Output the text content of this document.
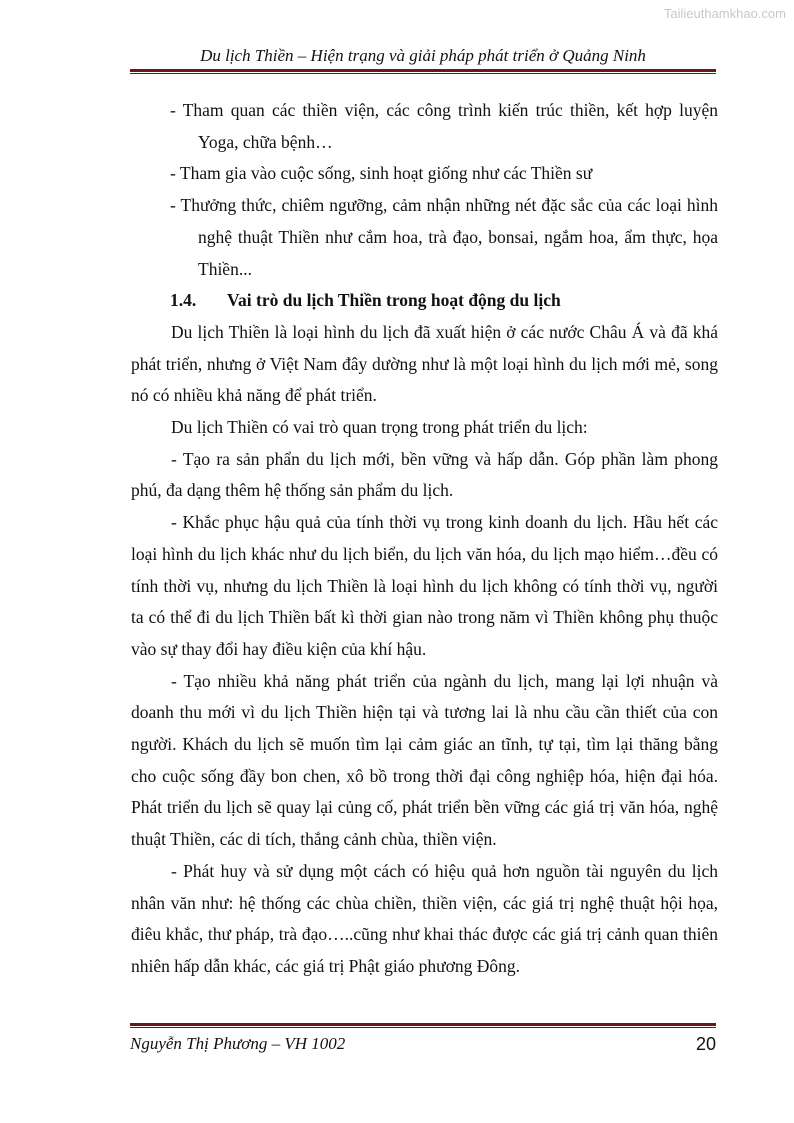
Tailieuthamkhao.com
Du lịch Thiền – Hiện trạng và giải pháp phát triển ở Quảng Ninh

- Tham quan các thiền viện, các công trình kiến trúc thiền, kết hợp luyện Yoga, chữa bệnh…

- Tham gia vào cuộc sống, sinh hoạt giống như các Thiền sư

- Thưởng thức, chiêm ngưỡng, cảm nhận những nét đặc sắc của các loại hình nghệ thuật Thiền như cắm hoa, trà đạo, bonsai, ngắm hoa, ẩm thực, họa Thiền...

1.4. Vai trò du lịch Thiền trong hoạt động du lịch

Du lịch Thiền là loại hình du lịch đã xuất hiện ở các nước Châu Á và đã khá phát triển, nhưng ở Việt Nam đây dường như là một loại hình du lịch mới mẻ, song nó có nhiều khả năng để phát triển.

Du lịch Thiền có vai trò quan trọng trong phát triển du lịch:

- Tạo ra sản phẩn du lịch mới, bền vững và hấp dẫn. Góp phần làm phong phú, đa dạng thêm hệ thống sản phẩm du lịch.

- Khắc phục hậu quả của tính thời vụ trong kinh doanh du lịch. Hầu hết các loại hình du lịch khác như du lịch biển, du lịch văn hóa, du lịch mạo hiểm…đều có tính thời vụ, nhưng du lịch Thiền là loại hình du lịch không có tính thời vụ, người ta có thể đi du lịch Thiền bất kì thời gian nào trong năm vì Thiền không phụ thuộc vào sự thay đổi hay điều kiện của khí hậu.

- Tạo nhiều khả năng phát triển của ngành du lịch, mang lại lợi nhuận và doanh thu mới vì du lịch Thiền hiện tại và tương lai là nhu cầu cần thiết của con người. Khách du lịch sẽ muốn tìm lại cảm giác an tĩnh, tự tại, tìm lại thăng bằng cho cuộc sống đầy bon chen, xô bồ trong thời đại công nghiệp hóa, hiện đại hóa. Phát triển du lịch sẽ quay lại củng cố, phát triển bền vững các giá trị văn hóa, nghệ thuật Thiền, các di tích, thắng cảnh chùa, thiền viện.

- Phát huy và sử dụng một cách có hiệu quả hơn nguồn tài nguyên du lịch nhân văn như: hệ thống các chùa chiền, thiền viện, các giá trị nghệ thuật hội họa, điêu khắc, thư pháp, trà đạo…..cũng như khai thác được các giá trị cảnh quan thiên nhiên hấp dẫn khác, các giá trị Phật giáo phương Đông.

Nguyễn Thị Phương – VH 1002	20
